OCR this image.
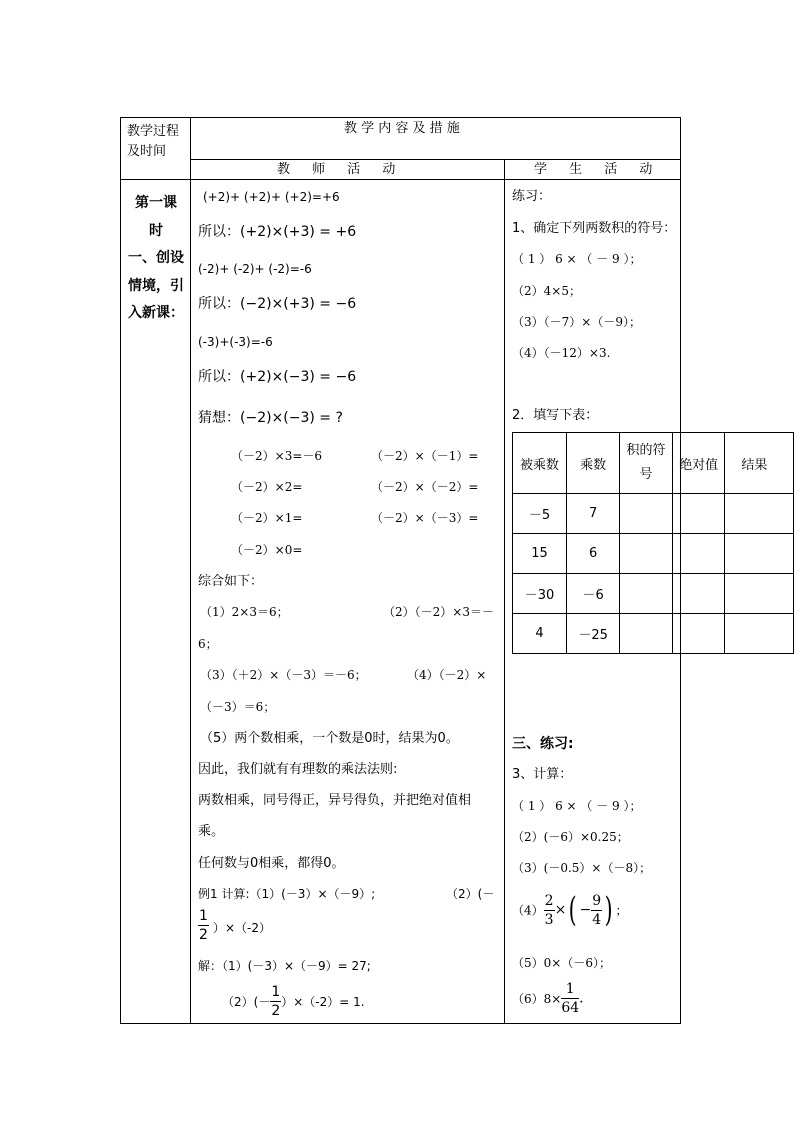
教学过程
及时间
教 学 内 容 及 措 施
教 师 活 动	学 生 活 动
第一课
时
一、创设
情境，引
入新课：
(+2)+ (+2)+ (+2)=+6
所以：(+2)×(+3) = +6
(-2)+ (-2)+ (-2)=-6
所以：(−2)×(+3) = −6
(-3)+(-3)=-6
所以：(+2)×(−3) = −6
猜想：(−2)×(−3) = ?
（－2）×3=－6	（－2）×（－1）=
（－2）×2=	（－2）×（－2）=
（－2）×1=	（－2）×（－3）=
（－2）×0=
综合如下：
（1）2×3＝6；	（2）（－2）×3＝－
6；
（3）（＋2）×（－3）＝－6；	（4）（－2）×
（－3）＝6；
（5）两个数相乘，一个数是0时，结果为0。
因此，我们就有有理数的乘法法则:
两数相乘，同号得正，异号得负，并把绝对值相
乘。
任何数与0相乘，都得0。
例1 计算:（1）(－3）×（－9）;	（2）(－
$\frac{1}{2} )\times(-2)$
解：（1）(－3）×（－9）= 27;
$(2)(- \frac{1}{2} )\times(-2)= 1$.
练习：
1、确定下列两数积的符号：
（ 1 ） 6 × （ － 9 ）；
（2）4×5；
（3）（－7）×（－9）；
（4）（－12）×3.
2．填写下表：
被乘数	乘数	积的符
号	绝对值	结果
－5	7			
15	6			
－30	－6			
4	－25			
三、练习:
3、计算：
（ 1 ） 6 × （ － 9 ）；
（2）(－6）×0.25；
（3）(－0.5）×（－8）；
$(4) \frac{2}{3}$ ×( − $\frac{9}{4}$ ) ；
（5）0×（－6）；
$(6)8\times \frac{1}{64}$ .
